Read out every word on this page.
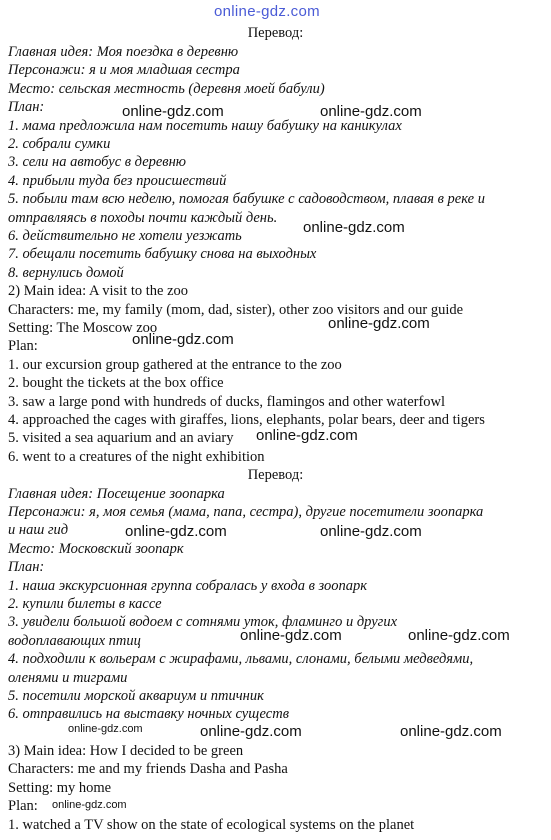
online-gdz.com
Перевод:
Главная идея: Моя поездка в деревню
Персонажи: я и моя младшая сестра
Место: сельская местность (деревня моей бабули)
План:
1. мама предложила нам посетить нашу бабушку на каникулах
2. собрали сумки
3. сели на автобус в деревню
4. прибыли туда без происшествий
5. побыли там всю неделю, помогая бабушке с садоводством, плавая в реке и
отправляясь в походы почти каждый день.
6. действительно не хотели уезжать
7. обещали посетить бабушку снова на выходных
8. вернулись домой
2) Main idea: A visit to the zoo
Characters: me, my family (mom, dad, sister), other zoo visitors and our guide
Setting: The Moscow zoo
Plan:
1. our excursion group gathered at the entrance to the zoo
2. bought the tickets at the box office
3. saw a large pond with hundreds of ducks, flamingos and other waterfowl
4. approached the cages with giraffes, lions, elephants, polar bears, deer and tigers
5. visited a sea aquarium and an aviary
6. went to a creatures of the night exhibition
Перевод:
Главная идея: Посещение зоопарка
Персонажи: я, моя семья (мама, папа, сестра), другие посетители зоопарка
и наш гид
Место: Московский зоопарк
План:
1. наша экскурсионная группа собралась у входа в зоопарк
2. купили билеты в кассе
3. увидели большой водоем с сотнями уток, фламинго и других
водоплавающих птиц
4. подходили к вольерам с жирафами, львами, слонами, белыми медведями,
оленями и тиграми
5. посетили морской аквариум и птичник
6. отправились на выставку ночных существ
3) Main idea: How I decided to be green
Characters: me and my friends Dasha and Pasha
Setting: my home
Plan:
1. watched a TV show on the state of ecological systems on the planet
online-gdz.com	online-gdz.com
online-gdz.com
online-gdz.com
online-gdz.com
online-gdz.com
online-gdz.com	online-gdz.com
online-gdz.com	online-gdz.com
online-gdz.com	online-gdz.com	online-gdz.com
online-gdz.com
